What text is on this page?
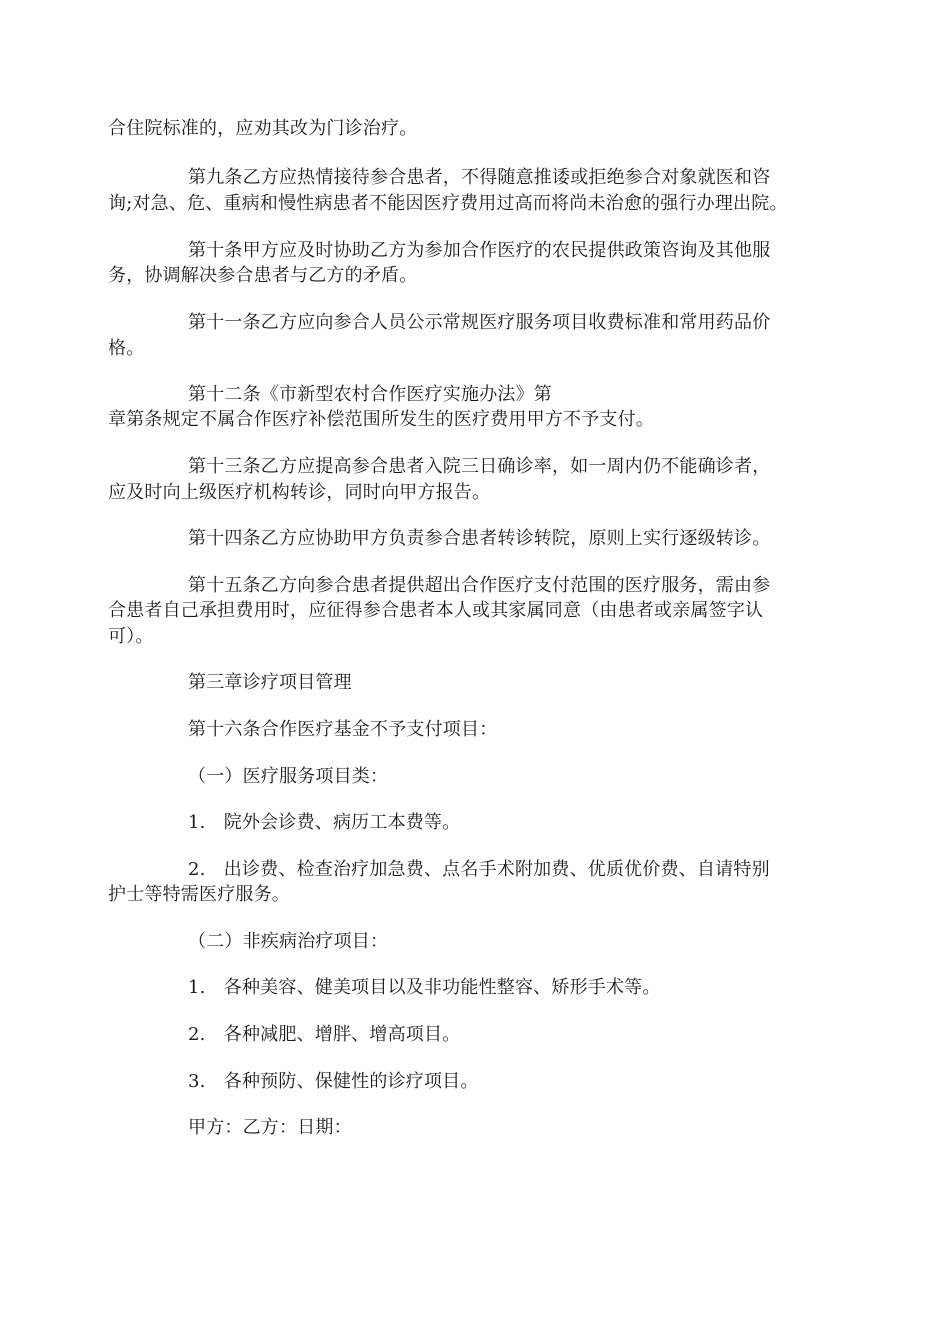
合住院标准的，应劝其改为门诊治疗。
第九条乙方应热情接待参合患者，不得随意推诿或拒绝参合对象就医和咨
询;对急、危、重病和慢性病患者不能因医疗费用过高而将尚未治愈的强行办理出院。
第十条甲方应及时协助乙方为参加合作医疗的农民提供政策咨询及其他服
务，协调解决参合患者与乙方的矛盾。
第十一条乙方应向参合人员公示常规医疗服务项目收费标准和常用药品价
格。
第十二条《市新型农村合作医疗实施办法》第
章第条规定不属合作医疗补偿范围所发生的医疗费用甲方不予支付。
第十三条乙方应提高参合患者入院三日确诊率，如一周内仍不能确诊者，
应及时向上级医疗机构转诊，同时向甲方报告。
第十四条乙方应协助甲方负责参合患者转诊转院，原则上实行逐级转诊。
第十五条乙方向参合患者提供超出合作医疗支付范围的医疗服务，需由参
合患者自己承担费用时，应征得参合患者本人或其家属同意（由患者或亲属签字认
可）。
第三章诊疗项目管理
第十六条合作医疗基金不予支付项目：
（一）医疗服务项目类：
1.　院外会诊费、病历工本费等。
2.　出诊费、检查治疗加急费、点名手术附加费、优质优价费、自请特别
护士等特需医疗服务。
（二）非疾病治疗项目：
1.　各种美容、健美项目以及非功能性整容、矫形手术等。
2.　各种减肥、增胖、增高项目。
3.　各种预防、保健性的诊疗项目。
甲方：乙方：日期：
